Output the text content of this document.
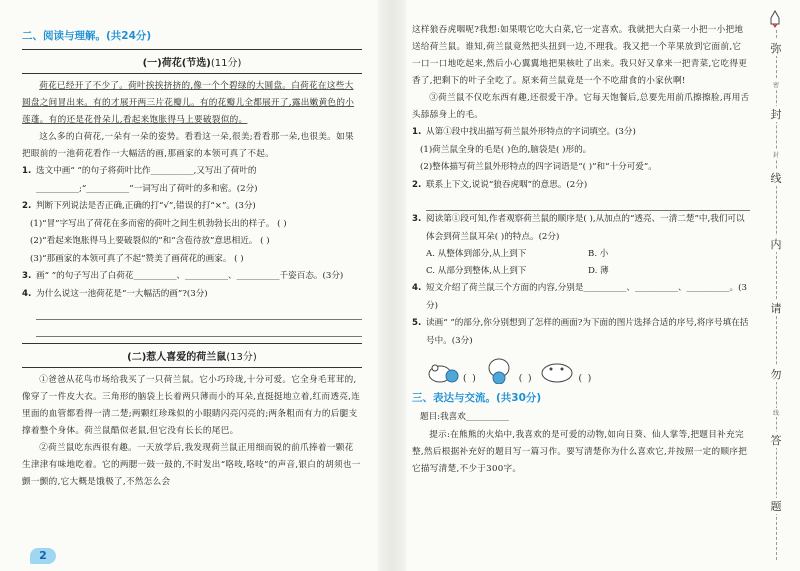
二、阅读与理解。(共24分)
(一)荷花(节选)(11分)

荷花已经开了不少了。荷叶挨挨挤挤的,像一个个碧绿的大圆盘。白荷花在这些大圆盘之间冒出来。有的才展开两三片花瓣儿。有的花瓣儿全都展开了,露出嫩黄色的小莲蓬。有的还是花骨朵儿,看起来饱胀得马上要破裂似的。

这么多的白荷花,一朵有一朵的姿势。看看这一朵,很美;看看那一朵,也很美。如果把眼前的一池荷花看作一大幅活的画,那画家的本领可真了不起。

1. 选文中画“ ”的句子将荷叶比作__________,又写出了荷叶的__________;“__________”一词写出了荷叶的多和密。(2分)
2. 判断下列说法是否正确,正确的打“√”,错误的打“×”。(3分)
(1)“冒”字写出了荷花在多而密的荷叶之间生机勃勃长出的样子。 ( )
(2)“看起来饱胀得马上要破裂似的”和“含苞待放”意思相近。 ( )
(3)“那画家的本领可真了不起”赞美了画荷花的画家。 ( )
3. 画“ ”的句子写出了白荷花__________、__________、__________千姿百态。(3分)
4. 为什么说这一池荷花是“一大幅活的画”?(3分)
(二)惹人喜爱的荷兰鼠(13分)

①爸爸从花鸟市场给我买了一只荷兰鼠。它小巧玲珑,十分可爱。它全身毛茸茸的,像穿了一件皮大衣。三角形的脑袋上长着两只薄而小的耳朵,直挺挺地立着,红而透亮,连里面的血管都看得一清二楚;两颗红珍珠似的小眼睛闪亮闪亮的;两条粗而有力的后腿支撑着整个身体。荷兰鼠酷似老鼠,但它没有长长的尾巴。

②荷兰鼠吃东西很有趣。一天放学后,我发现荷兰鼠正用细而锐的前爪捧着一颗花生津津有味地吃着。它的两腮一鼓一鼓的,不时发出“咯吱,咯吱”的声音,银白的胡须也一颤一颤的,它大概是饿极了,不然怎么会

这样狼吞虎咽呢?我想:如果喂它吃大白菜,它一定喜欢。我就把大白菜一小把一小把地送给荷兰鼠。谁知,荷兰鼠竟然把头扭到一边,不理我。我又把一个苹果放到它面前,它一口一口地吃起来,然后小心翼翼地把果核吐了出来。我只好又拿来一把青菜,它吃得更香了,把剩下的叶子全吃了。原来荷兰鼠竟是一个不吃甜食的小家伙啊!

③荷兰鼠不仅吃东西有趣,还很爱干净。它每天饱餐后,总要先用前爪擦擦脸,再用舌头舔舔身上的毛。

1. 从第①段中找出描写荷兰鼠外形特点的字词填空。(3分)
(1)荷兰鼠全身的毛是( )色的,脑袋是( )形的。
(2)整体描写荷兰鼠外形特点的四字词语是“( )”和“十分可爱”。
2. 联系上下文,说说“狼吞虎咽”的意思。(2分)
3. 阅读第①段可知,作者观察荷兰鼠的顺序是( ),从加点的“透亮、一清二楚”中,我们可以体会到荷兰鼠耳朵( )的特点。(2分)
A. 从整体到部分,从上到下	B. 小
C. 从部分到整体,从上到下	D. 薄
4. 短文介绍了荷兰鼠三个方面的内容,分别是__________、__________、__________。(3分)
5. 读画“ ”的部分,你分别想到了怎样的画面?为下面的图片选择合适的序号,将序号填在括号中。(3分)
(  )	(  )	(  )
三、表达与交流。(共30分)
题目:我喜欢__________

提示:在熊熊的火焰中,我喜欢的是可爱的动物,如向日葵、仙人掌等,把题目补充完整,然后根据补充好的题目写一篇习作。要写清楚你为什么喜欢它,并按照一定的顺序把它描写清楚,不少于300字。

弥
密
封
封
线
内
请
勿
线
答
题
2
